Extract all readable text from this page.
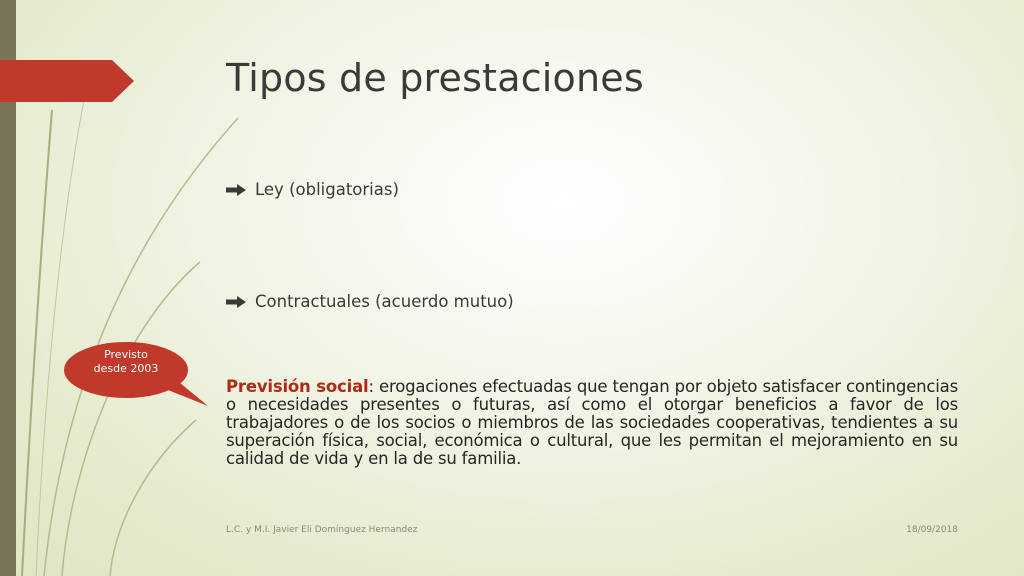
Tipos de prestaciones
Ley (obligatorias)
Contractuales (acuerdo mutuo)

Previsión social: erogaciones efectuadas que tengan por objeto satisfacer contingencias o necesidades presentes o futuras, así como el otorgar beneficios a favor de los trabajadores o de los socios o miembros de las sociedades cooperativas, tendientes a su superación física, social, económica o cultural, que les permitan el mejoramiento en su calidad de vida y en la de su familia.

Previsto
desde 2003
L.C. y M.I. Javier Eli Domínguez Hernandez	18/09/2018
